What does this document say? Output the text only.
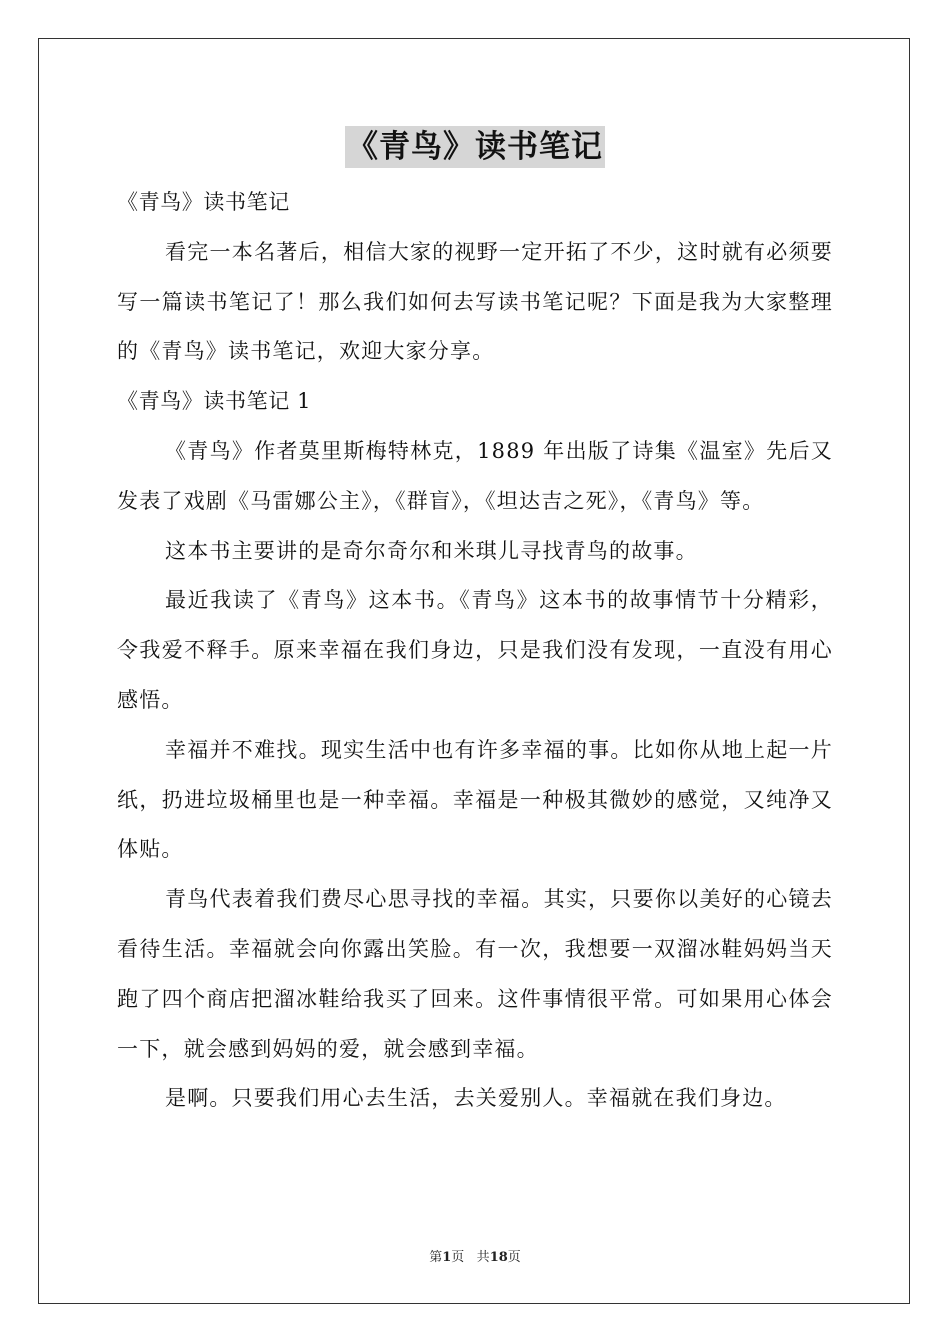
《青鸟》读书笔记

《青鸟》读书笔记

看完一本名著后，相信大家的视野一定开拓了不少，这时就有必须要写一篇读书笔记了！那么我们如何去写读书笔记呢？下面是我为大家整理的《青鸟》读书笔记，欢迎大家分享。

《青鸟》读书笔记 1

《青鸟》作者莫里斯梅特林克，1889 年出版了诗集《温室》先后又发表了戏剧《马雷娜公主》，《群盲》，《坦达吉之死》，《青鸟》等。

这本书主要讲的是奇尔奇尔和米琪儿寻找青鸟的故事。

最近我读了《青鸟》这本书。《青鸟》这本书的故事情节十分精彩，令我爱不释手。原来幸福在我们身边，只是我们没有发现，一直没有用心感悟。

幸福并不难找。现实生活中也有许多幸福的事。比如你从地上起一片纸，扔进垃圾桶里也是一种幸福。幸福是一种极其微妙的感觉，又纯净又体贴。

青鸟代表着我们费尽心思寻找的幸福。其实，只要你以美好的心镜去看待生活。幸福就会向你露出笑脸。有一次，我想要一双溜冰鞋妈妈当天跑了四个商店把溜冰鞋给我买了回来。这件事情很平常。可如果用心体会一下，就会感到妈妈的爱，就会感到幸福。

是啊。只要我们用心去生活，去关爱别人。幸福就在我们身边。

第1页 共18页
